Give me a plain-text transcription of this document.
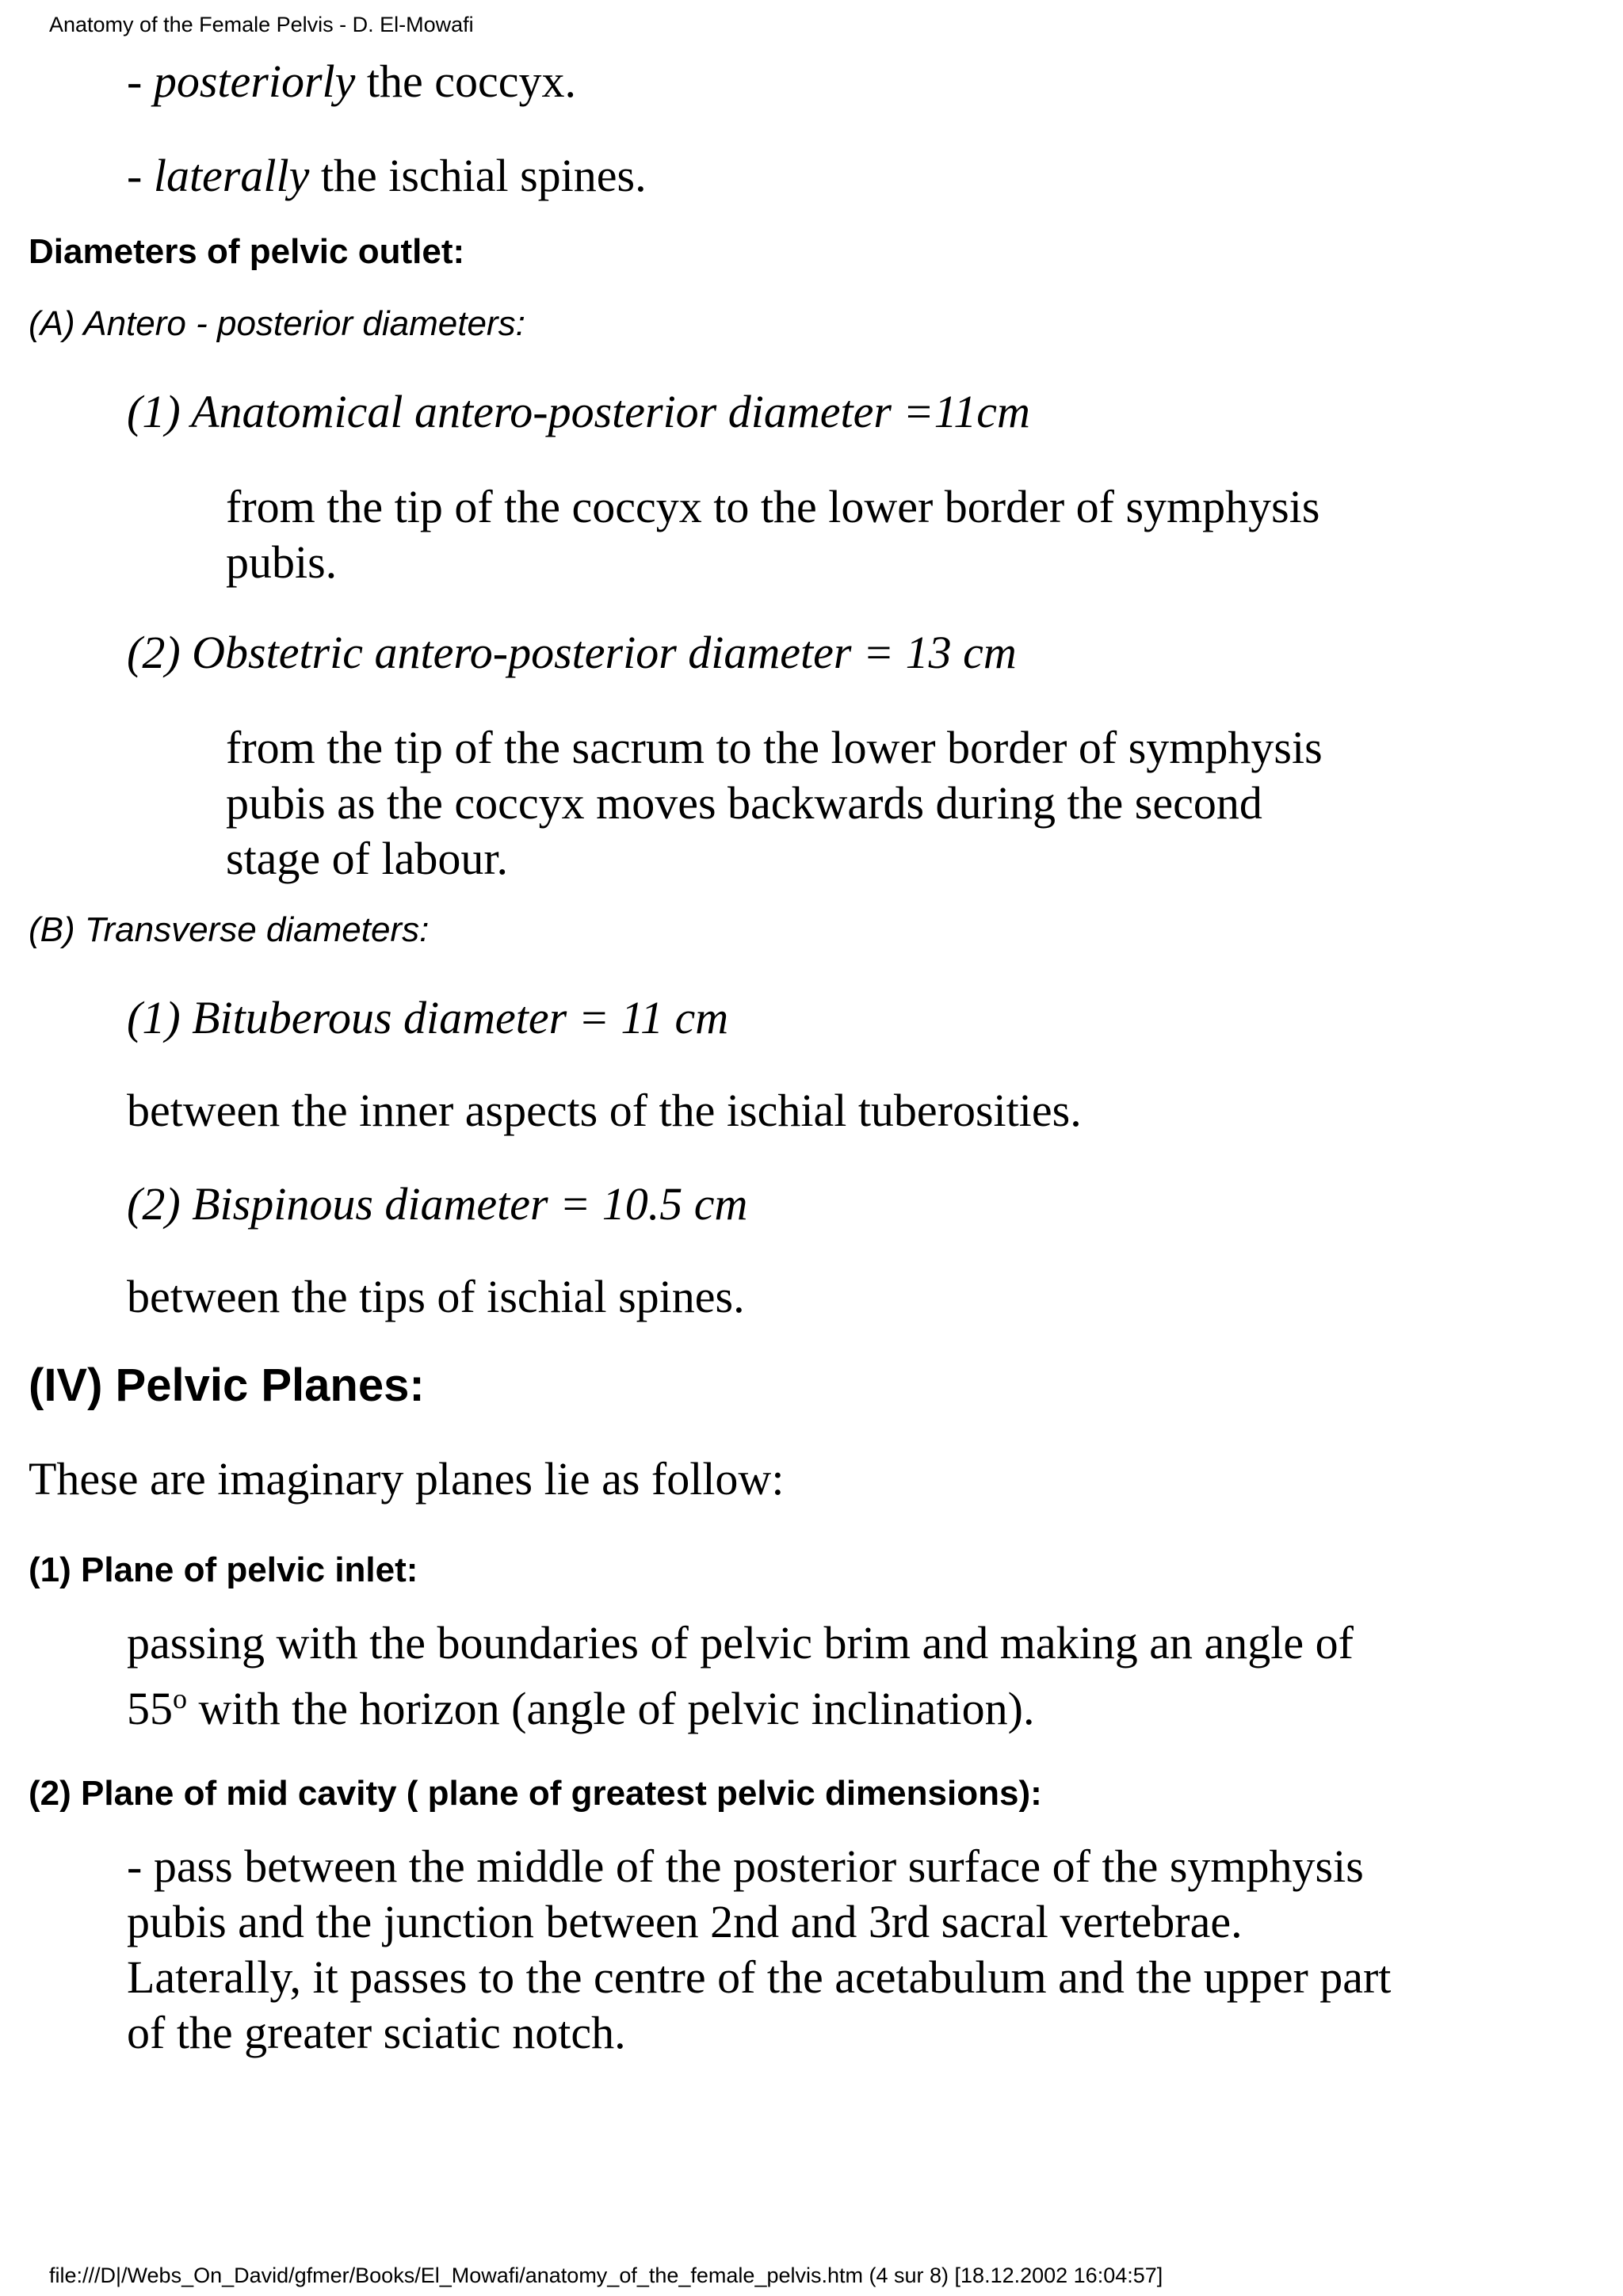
Anatomy of the Female Pelvis - D. El-Mowafi
- posteriorly the coccyx.
- laterally the ischial spines.
Diameters of pelvic outlet:
(A) Antero - posterior diameters:
(1) Anatomical antero-posterior diameter =11cm
from the tip of the coccyx to the lower border of symphysis
pubis.
(2) Obstetric antero-posterior diameter = 13 cm
from the tip of the sacrum to the lower border of symphysis
pubis as the coccyx moves backwards during the second
stage of labour.
(B) Transverse diameters:
(1) Bituberous diameter = 11 cm
between the inner aspects of the ischial tuberosities.
(2) Bispinous diameter = 10.5 cm
between the tips of ischial spines.
(IV) Pelvic Planes:
These are imaginary planes lie as follow:
(1) Plane of pelvic inlet:
passing with the boundaries of pelvic brim and making an angle of
55$^o$ with the horizon (angle of pelvic inclination).
(2) Plane of mid cavity ( plane of greatest pelvic dimensions):
- pass between the middle of the posterior surface of the symphysis
pubis and the junction between 2nd and 3rd sacral vertebrae.
Laterally, it passes to the centre of the acetabulum and the upper part
of the greater sciatic notch.
file:///D|/Webs_On_David/gfmer/Books/El_Mowafi/anatomy_of_the_female_pelvis.htm (4 sur 8) [18.12.2002 16:04:57]
